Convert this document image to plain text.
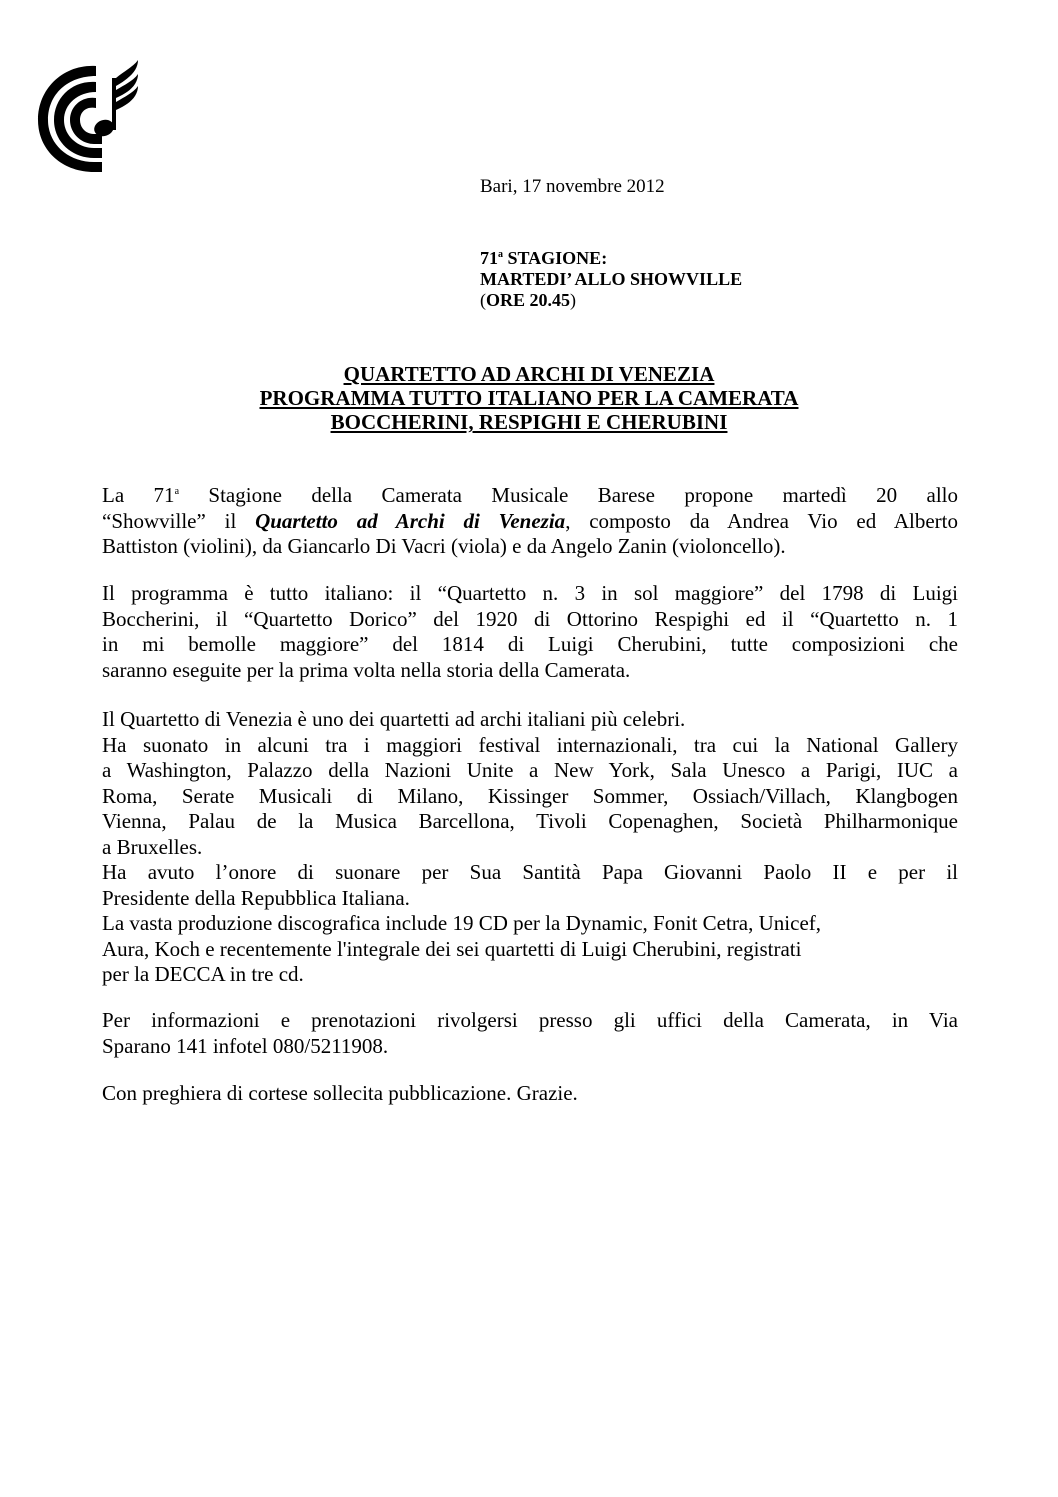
Bari, 17 novembre 2012
71$^a$ STAGIONE:
MARTEDI’ ALLO SHOWVILLE
(ORE 20.45)
QUARTETTO AD ARCHI DI VENEZIA
PROGRAMMA TUTTO ITALIANO PER LA CAMERATA
BOCCHERINI, RESPIGHI E CHERUBINI
La 71$^a$ Stagione della Camerata Musicale Barese propone martedì 20 allo
“Showville” il Quartetto ad Archi di Venezia, composto da Andrea Vio ed Alberto
Battiston (violini), da Giancarlo Di Vacri (viola) e da Angelo Zanin (violoncello).
Il programma è tutto italiano: il “Quartetto n. 3 in sol maggiore” del 1798 di Luigi
Boccherini, il “Quartetto Dorico” del 1920 di Ottorino Respighi ed il “Quartetto n. 1
in mi bemolle maggiore” del 1814 di Luigi Cherubini, tutte composizioni che
saranno eseguite per la prima volta nella storia della Camerata.
Il Quartetto di Venezia è uno dei quartetti ad archi italiani più celebri.
Ha suonato in alcuni tra i maggiori festival internazionali, tra cui la National Gallery
a Washington, Palazzo della Nazioni Unite a New York, Sala Unesco a Parigi, IUC a
Roma, Serate Musicali di Milano, Kissinger Sommer, Ossiach/Villach, Klangbogen
Vienna, Palau de la Musica Barcellona, Tivoli Copenaghen, Società Philharmonique
a Bruxelles.
Ha avuto l’onore di suonare per Sua Santità Papa Giovanni Paolo II e per il
Presidente della Repubblica Italiana.
La vasta produzione discografica include 19 CD per la Dynamic, Fonit Cetra, Unicef,
Aura, Koch e recentemente l'integrale dei sei quartetti di Luigi Cherubini, registrati
per la DECCA in tre cd.
Per informazioni e prenotazioni rivolgersi presso gli uffici della Camerata, in Via
Sparano 141 infotel 080/5211908.
Con preghiera di cortese sollecita pubblicazione. Grazie.
